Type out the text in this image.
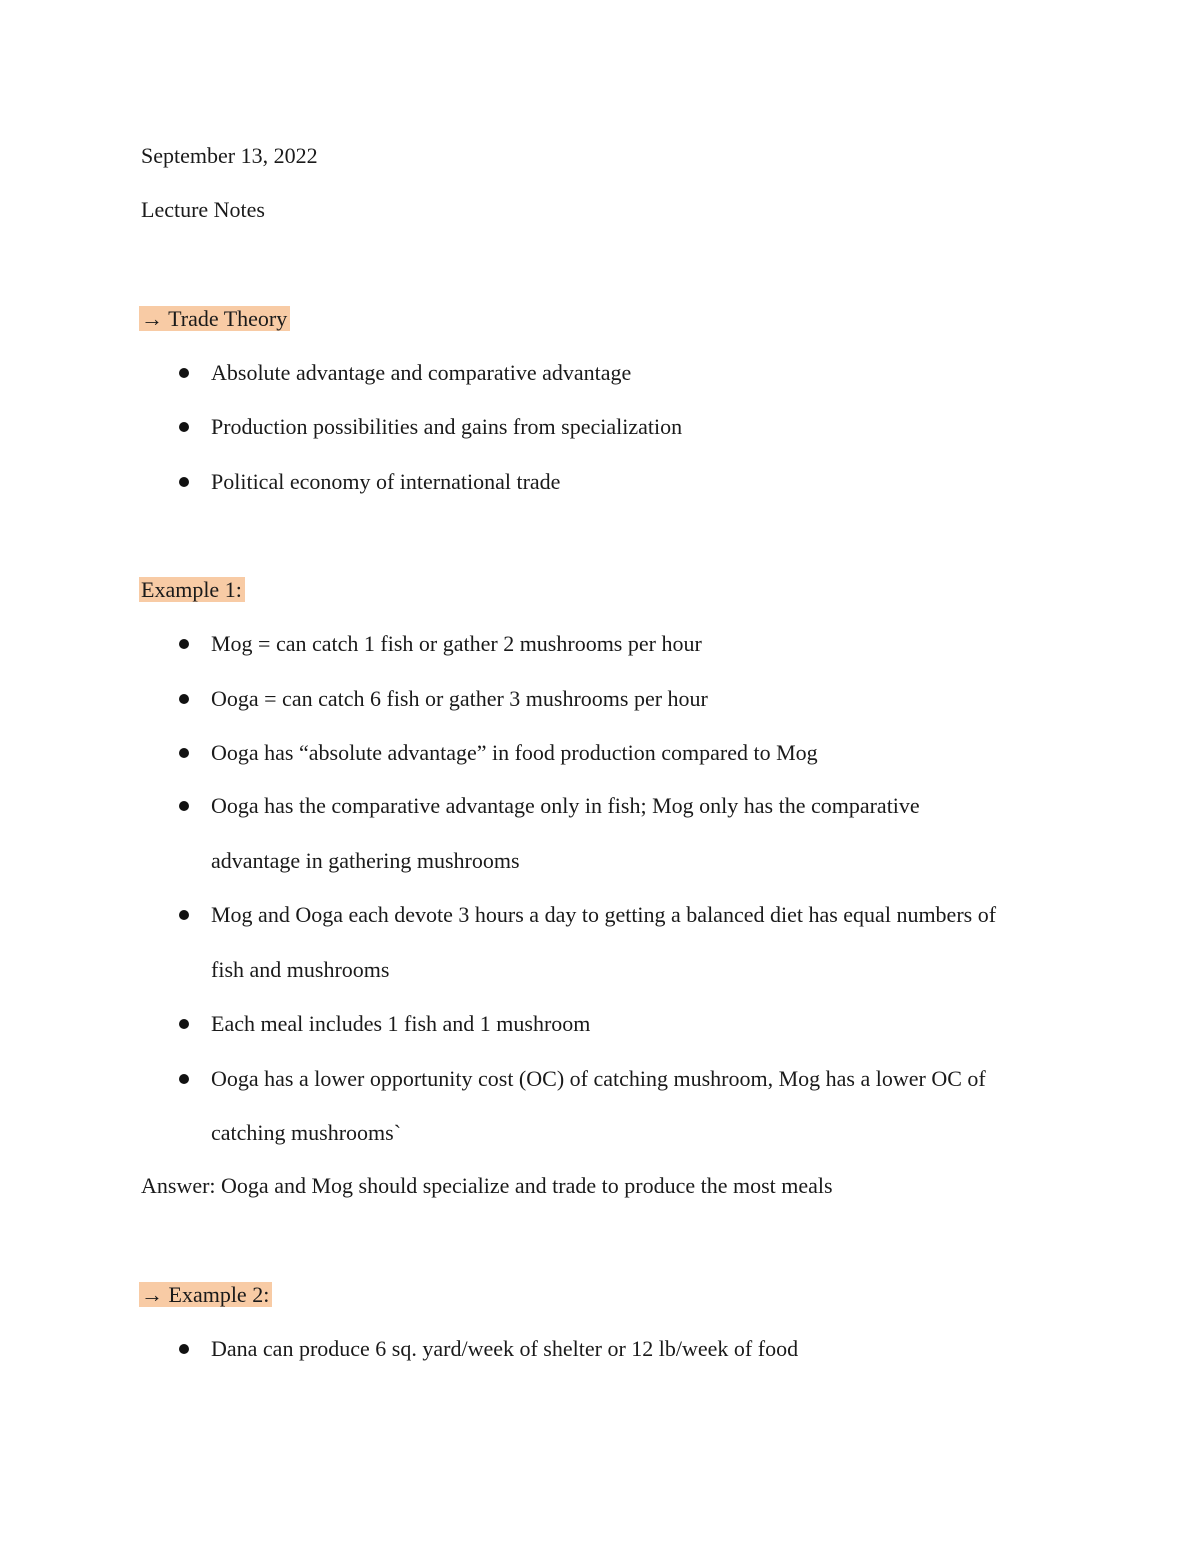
September 13, 2022
Lecture Notes
→ Trade Theory
Absolute advantage and comparative advantage
Production possibilities and gains from specialization
Political economy of international trade
Example 1:
Mog = can catch 1 fish or gather 2 mushrooms per hour
Ooga = can catch 6 fish or gather 3 mushrooms per hour
Ooga has “absolute advantage” in food production compared to Mog
Ooga has the comparative advantage only in fish; Mog only has the comparative
advantage in gathering mushrooms
Mog and Ooga each devote 3 hours a day to getting a balanced diet has equal numbers of
fish and mushrooms
Each meal includes 1 fish and 1 mushroom
Ooga has a lower opportunity cost (OC) of catching mushroom, Mog has a lower OC of
catching mushrooms`
Answer: Ooga and Mog should specialize and trade to produce the most meals
→ Example 2:
Dana can produce 6 sq. yard/week of shelter or 12 lb/week of food
